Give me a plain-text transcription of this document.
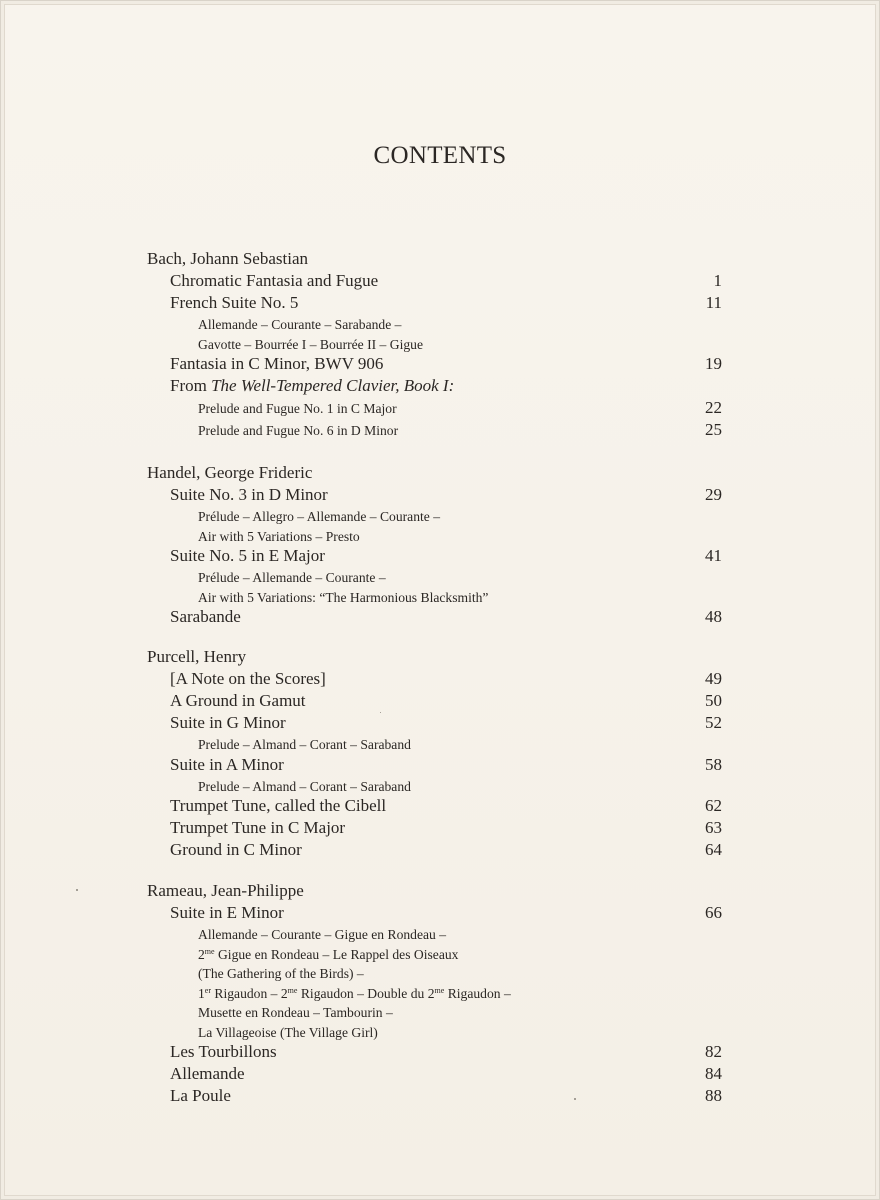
CONTENTS
Bach, Johann Sebastian
Chromatic Fantasia and Fugue	1
French Suite No. 5	11
Allemande – Courante – Sarabande –
Gavotte – Bourrée I – Bourrée II – Gigue
Fantasia in C Minor, BWV 906	19
From The Well-Tempered Clavier, Book I:
Prelude and Fugue No. 1 in C Major	22
Prelude and Fugue No. 6 in D Minor	25
Handel, George Frideric
Suite No. 3 in D Minor	29
Prélude – Allegro – Allemande – Courante –
Air with 5 Variations – Presto
Suite No. 5 in E Major	41
Prélude – Allemande – Courante –
Air with 5 Variations: “The Harmonious Blacksmith”
Sarabande	48
Purcell, Henry
[A Note on the Scores]	49
A Ground in Gamut	50
Suite in G Minor	52
Prelude – Almand – Corant – Saraband
Suite in A Minor	58
Prelude – Almand – Corant – Saraband
Trumpet Tune, called the Cibell	62
Trumpet Tune in C Major	63
Ground in C Minor	64
Rameau, Jean-Philippe
Suite in E Minor	66
Allemande – Courante – Gigue en Rondeau –
$2^{me}$ Gigue en Rondeau – Le Rappel des Oiseaux
(The Gathering of the Birds) –
1er Rigaudon – $2^{me}$ Rigaudon – Double du $2^{me}$ Rigaudon –
Musette en Rondeau – Tambourin –
La Villageoise (The Village Girl)
Les Tourbillons	82
Allemande	84
La Poule	88
